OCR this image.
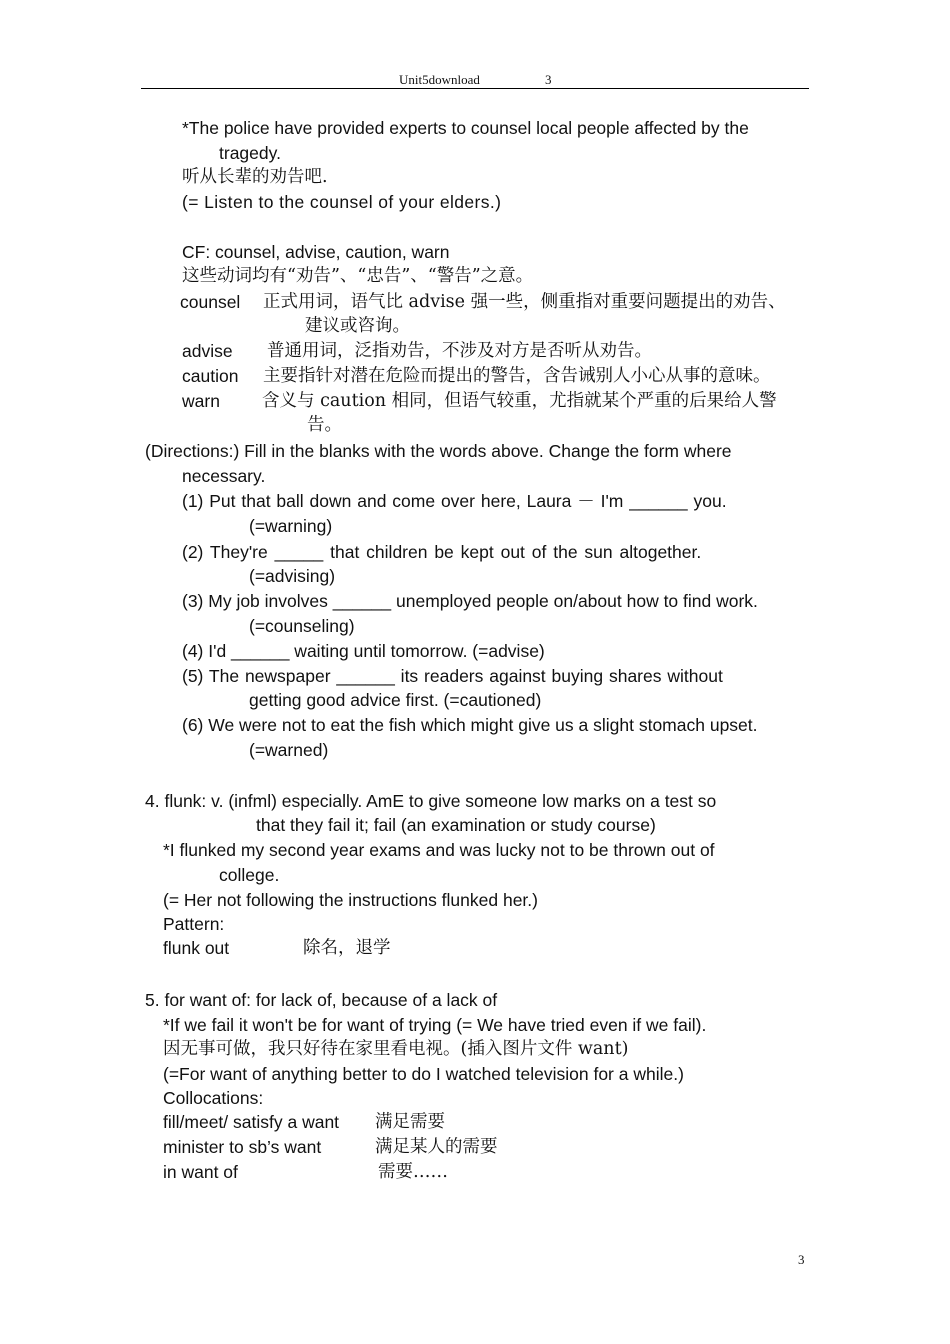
Unit5download	3
*The police have provided experts to counsel local people affected by the
tragedy.
听从长辈的劝告吧.
(= Listen to the counsel of your elders.)
CF: counsel, advise, caution, warn
这些动词均有“劝告”、“忠告”、“警告”之意。
counsel 正式用词，语气比 advise 强一些，侧重指对重要问题提出的劝告、
建议或咨询。
advise 普通用词，泛指劝告，不涉及对方是否听从劝告。
caution 主要指针对潜在危险而提出的警告，含告诫别人小心从事的意味。
warn 含义与 caution 相同，但语气较重，尤指就某个严重的后果给人警
告。
(Directions:) Fill in the blanks with the words above. Change the form where
necessary.
(1) Put that ball down and come over here, Laura － I'm ______ you.
(=warning)
(2) They're _____ that children be kept out of the sun altogether.
(=advising)
(3) My job involves ______ unemployed people on/about how to find work.
(=counseling)
(4) I'd ______ waiting until tomorrow. (=advise)
(5) The newspaper ______ its readers against buying shares without
getting good advice first. (=cautioned)
(6) We were not to eat the fish which might give us a slight stomach upset.
(=warned)
4. flunk: v. (infml) especially. AmE to give someone low marks on a test so
that they fail it; fail (an examination or study course)
*I flunked my second year exams and was lucky not to be thrown out of
college.
(= Her not following the instructions flunked her.)
Pattern:
flunk out	除名，退学
5. for want of: for lack of, because of a lack of
*If we fail it won't be for want of trying (= We have tried even if we fail).
因无事可做，我只好待在家里看电视。(插入图片文件 want)
(=For want of anything better to do I watched television for a while.)
Collocations:
fill/meet/ satisfy a want 满足需要
minister to sb’s want	满足某人的需要
in want of	需要……
3
